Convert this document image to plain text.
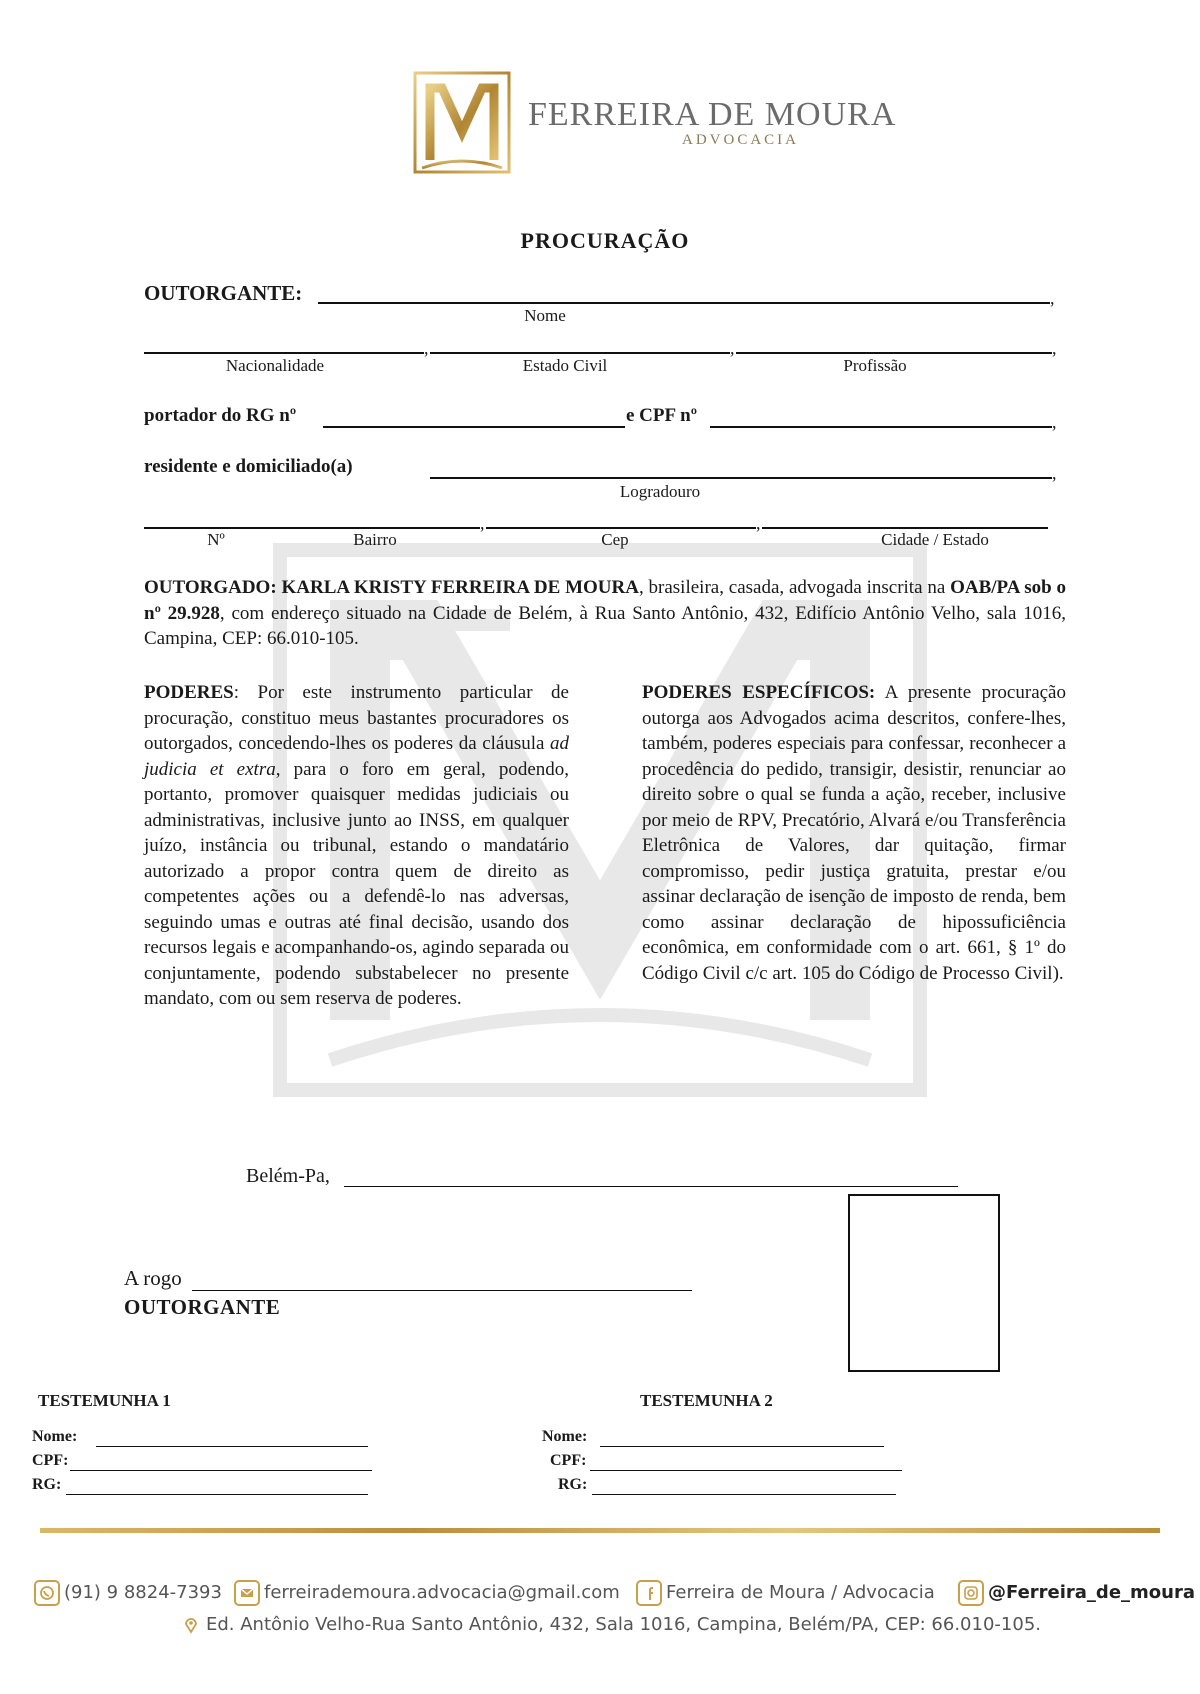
FERREIRA DE MOURA
ADVOCACIA
PROCURAÇÃO
OUTORGANTE:	,
Nome
,	,	,
Nacionalidade	Estado Civil	Profissão
portador do RG nº	e CPF nº	,
residente e domiciliado(a)	,
Logradouro
,	,
Nº	Bairro	Cep	Cidade / Estado
OUTORGADO: KARLA KRISTY FERREIRA DE MOURA, brasileira, casada, advogada inscrita na OAB/PA sob o nº 29.928, com endereço situado na Cidade de Belém, à Rua Santo Antônio, 432, Edifício Antônio Velho, sala 1016, Campina, CEP: 66.010-105.
PODERES: Por este instrumento particular de procuração, constituo meus bastantes procuradores os outorgados, concedendo-lhes os poderes da cláusula ad judicia et extra, para o foro em geral, podendo, portanto, promover quaisquer medidas judiciais ou administrativas, inclusive junto ao INSS, em qualquer juízo, instância ou tribunal, estando o mandatário autorizado a propor contra quem de direito as competentes ações ou a defendê-lo nas adversas, seguindo umas e outras até final decisão, usando dos recursos legais e acompanhando-os, agindo separada ou conjuntamente, podendo substabelecer no presente mandato, com ou sem reserva de poderes.
PODERES ESPECÍFICOS: A presente procuração outorga aos Advogados acima descritos, confere-lhes, também, poderes especiais para confessar, reconhecer a procedência do pedido, transigir, desistir, renunciar ao direito sobre o qual se funda a ação, receber, inclusive por meio de RPV, Precatório, Alvará e/ou Transferência Eletrônica de Valores, dar quitação, firmar compromisso, pedir justiça gratuita, prestar e/ou assinar declaração de isenção de imposto de renda, bem como assinar declaração de hipossuficiência econômica, em conformidade com o art. 661, § 1º do Código Civil c/c art. 105 do Código de Processo Civil).
Belém-Pa,
A rogo
OUTORGANTE
TESTEMUNHA 1
Nome:
CPF:
RG:
TESTEMUNHA 2
Nome:
CPF:
RG:
(91) 9 8824-7393	ferreirademoura.advocacia@gmail.com	Ferreira de Moura / Advocacia	@Ferreira_de_moura
Ed. Antônio Velho-Rua Santo Antônio, 432, Sala 1016, Campina, Belém/PA, CEP: 66.010-105.
